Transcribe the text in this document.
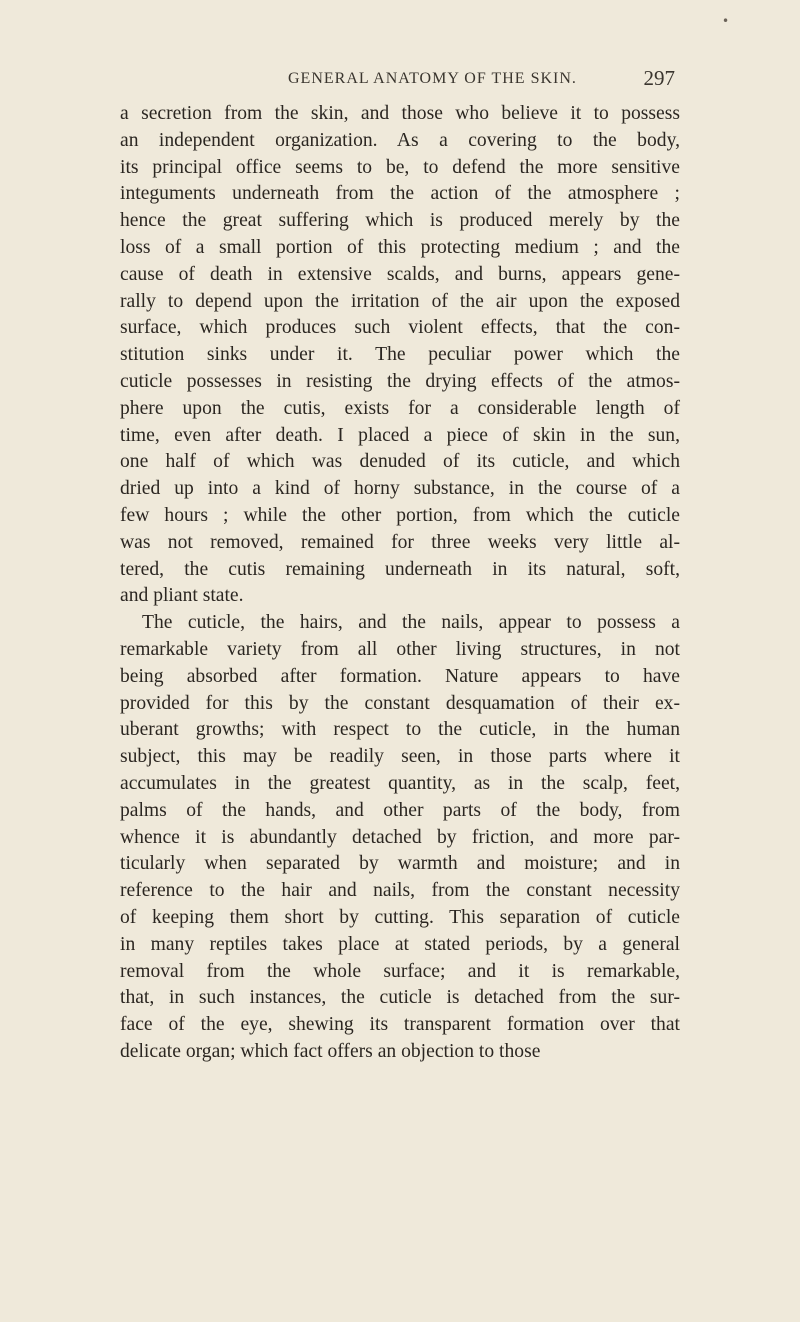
•
GENERAL ANATOMY OF THE SKIN.	297
a secretion from the skin, and those who believe it to possess
an independent organization. As a covering to the body,
its principal office seems to be, to defend the more sensitive
integuments underneath from the action of the atmosphere ;
hence the great suffering which is produced merely by the
loss of a small portion of this protecting medium ; and the
cause of death in extensive scalds, and burns, appears gene-
rally to depend upon the irritation of the air upon the exposed
surface, which produces such violent effects, that the con-
stitution sinks under it. The peculiar power which the
cuticle possesses in resisting the drying effects of the atmos-
phere upon the cutis, exists for a considerable length of
time, even after death. I placed a piece of skin in the sun,
one half of which was denuded of its cuticle, and which
dried up into a kind of horny substance, in the course of a
few hours ; while the other portion, from which the cuticle
was not removed, remained for three weeks very little al-
tered, the cutis remaining underneath in its natural, soft,
and pliant state.
The cuticle, the hairs, and the nails, appear to possess a
remarkable variety from all other living structures, in not
being absorbed after formation. Nature appears to have
provided for this by the constant desquamation of their ex-
uberant growths; with respect to the cuticle, in the human
subject, this may be readily seen, in those parts where it
accumulates in the greatest quantity, as in the scalp, feet,
palms of the hands, and other parts of the body, from
whence it is abundantly detached by friction, and more par-
ticularly when separated by warmth and moisture; and in
reference to the hair and nails, from the constant necessity
of keeping them short by cutting. This separation of cuticle
in many reptiles takes place at stated periods, by a general
removal from the whole surface; and it is remarkable,
that, in such instances, the cuticle is detached from the sur-
face of the eye, shewing its transparent formation over that
delicate organ; which fact offers an objection to those
